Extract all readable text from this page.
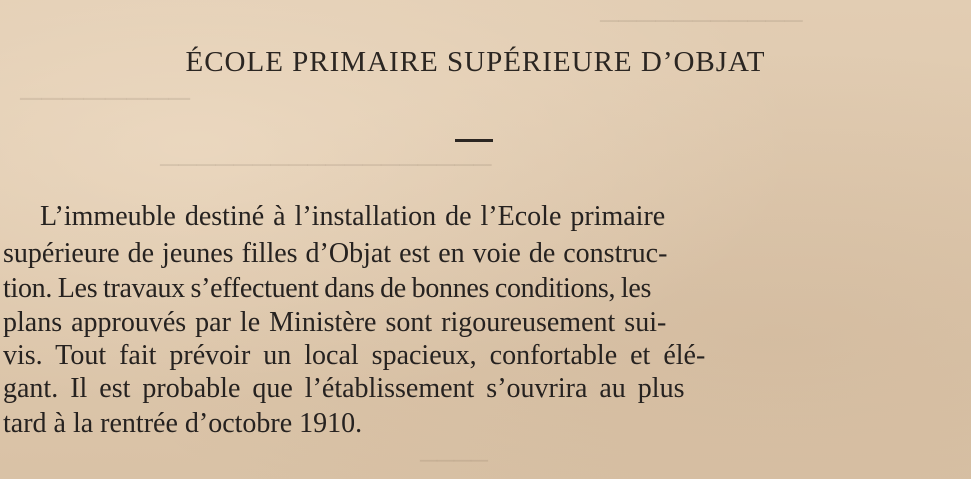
────────
──────────────────
───────────
────
ÉCOLE PRIMAIRE SUPÉRIEURE D’OBJAT
L’immeuble destiné à l’installation de l’Ecole primaire
supérieure de jeunes filles d’Objat est en voie de construc-
tion. Les travaux s’effectuent dans de bonnes conditions, les
plans approuvés par le Ministère sont rigoureusement sui-
vis. Tout fait prévoir un local spacieux, confortable et élé-
gant. Il est probable que l’établissement s’ouvrira au plus
tard à la rentrée d’octobre 1910.
